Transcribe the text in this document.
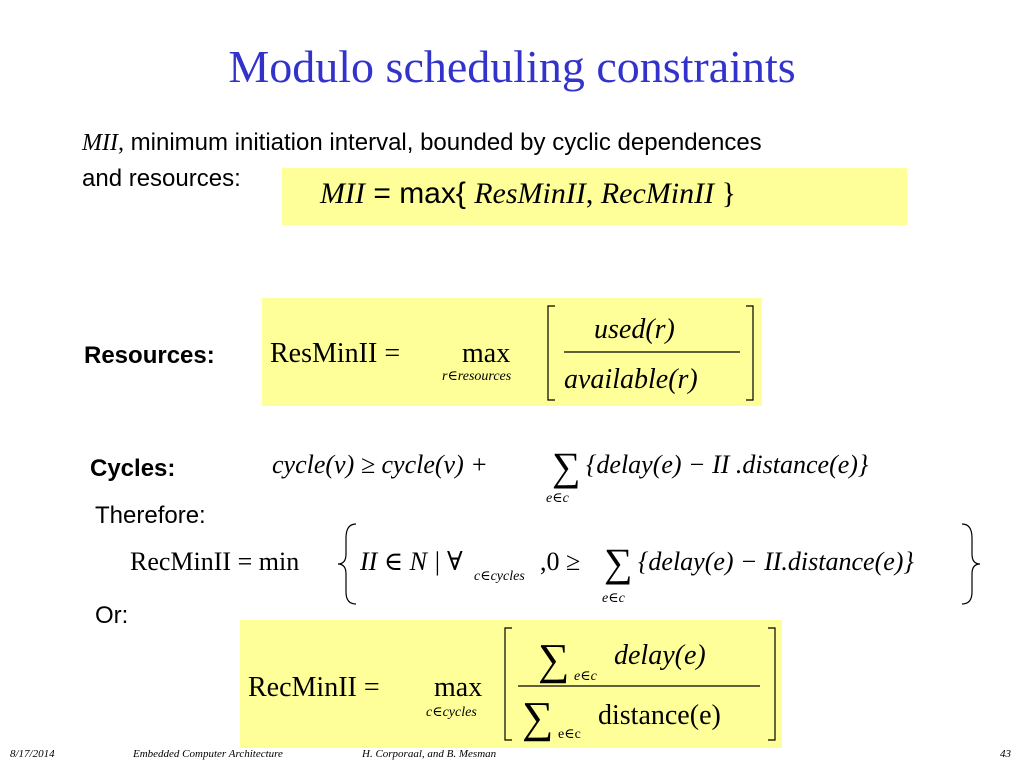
Modulo scheduling constraints
MII, minimum initiation interval, bounded by cyclic dependences
and resources:	MII = max{ ResMinII, RecMinII }
Resources: ResMinII = max
r∈resources
used(r)
available(r)
Cycles:	cycle(v) ≥ cycle(v) + ∑
e∈c
{delay(e) − II .distance(e)}
Therefore:
RecMinII = min II ∈ N | ∀
c∈cycles
,0 ≥ ∑
e∈c
{delay(e) − II.distance(e)}
Or:
RecMinII = max
c∈cycles
∑ e∈c
delay(e)
∑ e∈c
distance(e)
8/17/2014	Embedded Computer Architecture	H. Corporaal, and B. Mesman	43
